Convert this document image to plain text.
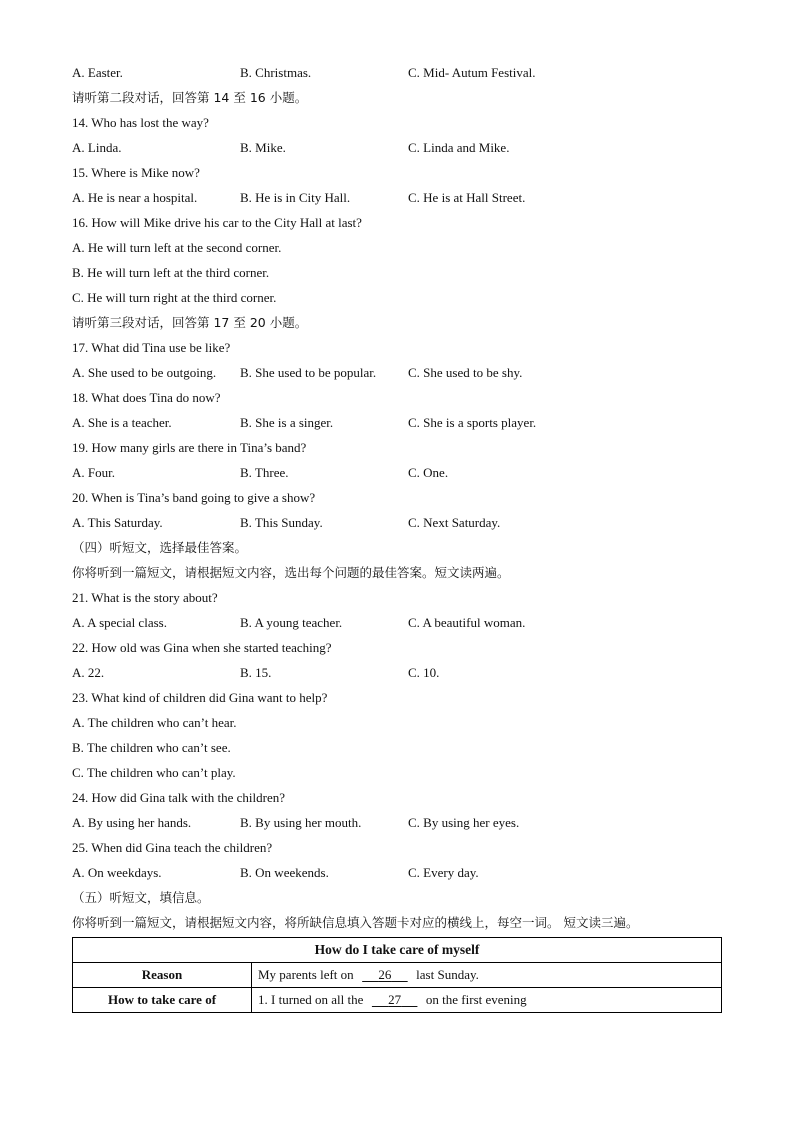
A. Easter.	B. Christmas.	C. Mid- Autum Festival.
请听第二段对话，回答第 14 至 16 小题。
14. Who has lost the way?
A. Linda.	B. Mike.	C. Linda and Mike.
15. Where is Mike now?
A. He is near a hospital.	B. He is in City Hall.	C. He is at Hall Street.
16. How will Mike drive his car to the City Hall at last?
A. He will turn left at the second corner.
B. He will turn left at the third corner.
C. He will turn right at the third corner.
请听第三段对话，回答第 17 至 20 小题。
17. What did Tina use be like?
A. She used to be outgoing.	B. She used to be popular.	C. She used to be shy.
18. What does Tina do now?
A. She is a teacher.	B. She is a singer.	C. She is a sports player.
19. How many girls are there in Tina’s band?
A. Four.	B. Three.	C. One.
20. When is Tina’s band going to give a show?
A. This Saturday.	B. This Sunday.	C. Next Saturday.
（四）听短文，选择最佳答案。
你将听到一篇短文，请根据短文内容，选出每个问题的最佳答案。短文读两遍。
21. What is the story about?
A. A special class.	B. A young teacher.	C. A beautiful woman.
22. How old was Gina when she started teaching?
A. 22.	B. 15.	C. 10.
23. What kind of children did Gina want to help?
A. The children who can’t hear.
B. The children who can’t see.
C. The children who can’t play.
24. How did Gina talk with the children?
A. By using her hands.	B. By using her mouth.	C. By using her eyes.
25. When did Gina teach the children?
A. On weekdays.	B. On weekends.	C. Every day.
（五）听短文，填信息。
你将听到一篇短文，请根据短文内容，将所缺信息填入答题卡对应的横线上，每空一词。 短文读三遍。
How do I take care of myself	
Reason	My parents left on 26 last Sunday.
How to take care of	1. I turned on all the 27 on the first evening
